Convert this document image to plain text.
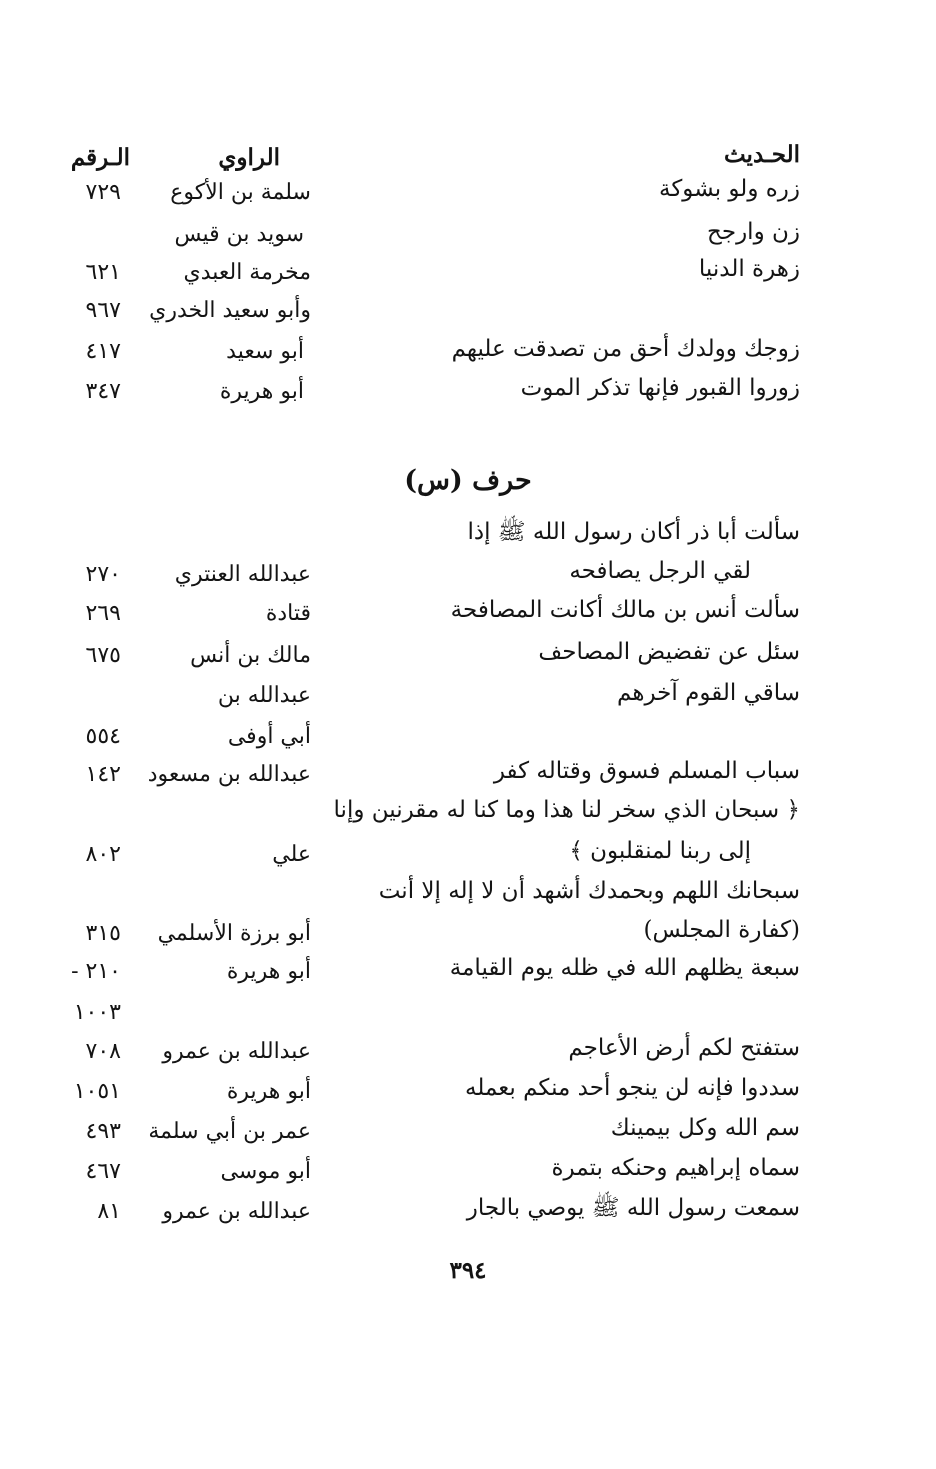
الحـديث
الراوي
الـرقم
زره ولو بشوكة
سلمة بن الأكوع
٧٢٩
زن وارجح
سويد بن قيس
زهرة الدنيا
مخرمة العبدي
٦٢١
وأبو سعيد الخدري
٩٦٧
زوجك وولدك أحق من تصدقت عليهم
أبو سعيد
٤١٧
زوروا القبور فإنها تذكر الموت
أبو هريرة
٣٤٧
حرف (س)
سألت أبا ذر أكان رسول الله ﷺ إذا
لقي الرجل يصافحه
عبدالله العنتري
٢٧٠
سألت أنس بن مالك أكانت المصافحة
قتادة
٢٦٩
سئل عن تفضيض المصاحف
مالك بن أنس
٦٧٥
ساقي القوم آخرهم
عبدالله بن
أبي أوفى
٥٥٤
سباب المسلم فسوق وقتاله كفر
عبدالله بن مسعود
١٤٢
﴿ سبحان الذي سخر لنا هذا وما كنا له مقرنين وإنا
إلى ربنا لمنقلبون ﴾
علي
٨٠٢
سبحانك اللهم وبحمدك أشهد أن لا إله إلا أنت
(كفارة المجلس)
أبو برزة الأسلمي
٣١٥
سبعة يظلهم الله في ظله يوم القيامة
أبو هريرة
٢١٠ -
١٠٠٣
ستفتح لكم أرض الأعاجم
عبدالله بن عمرو
٧٠٨
سددوا فإنه لن ينجو أحد منكم بعمله
أبو هريرة
١٠٥١
سم الله وكل بيمينك
عمر بن أبي سلمة
٤٩٣
سماه إبراهيم وحنكه بتمرة
أبو موسى
٤٦٧
سمعت رسول الله ﷺ يوصي بالجار
عبدالله بن عمرو
٨١
٣٩٤
